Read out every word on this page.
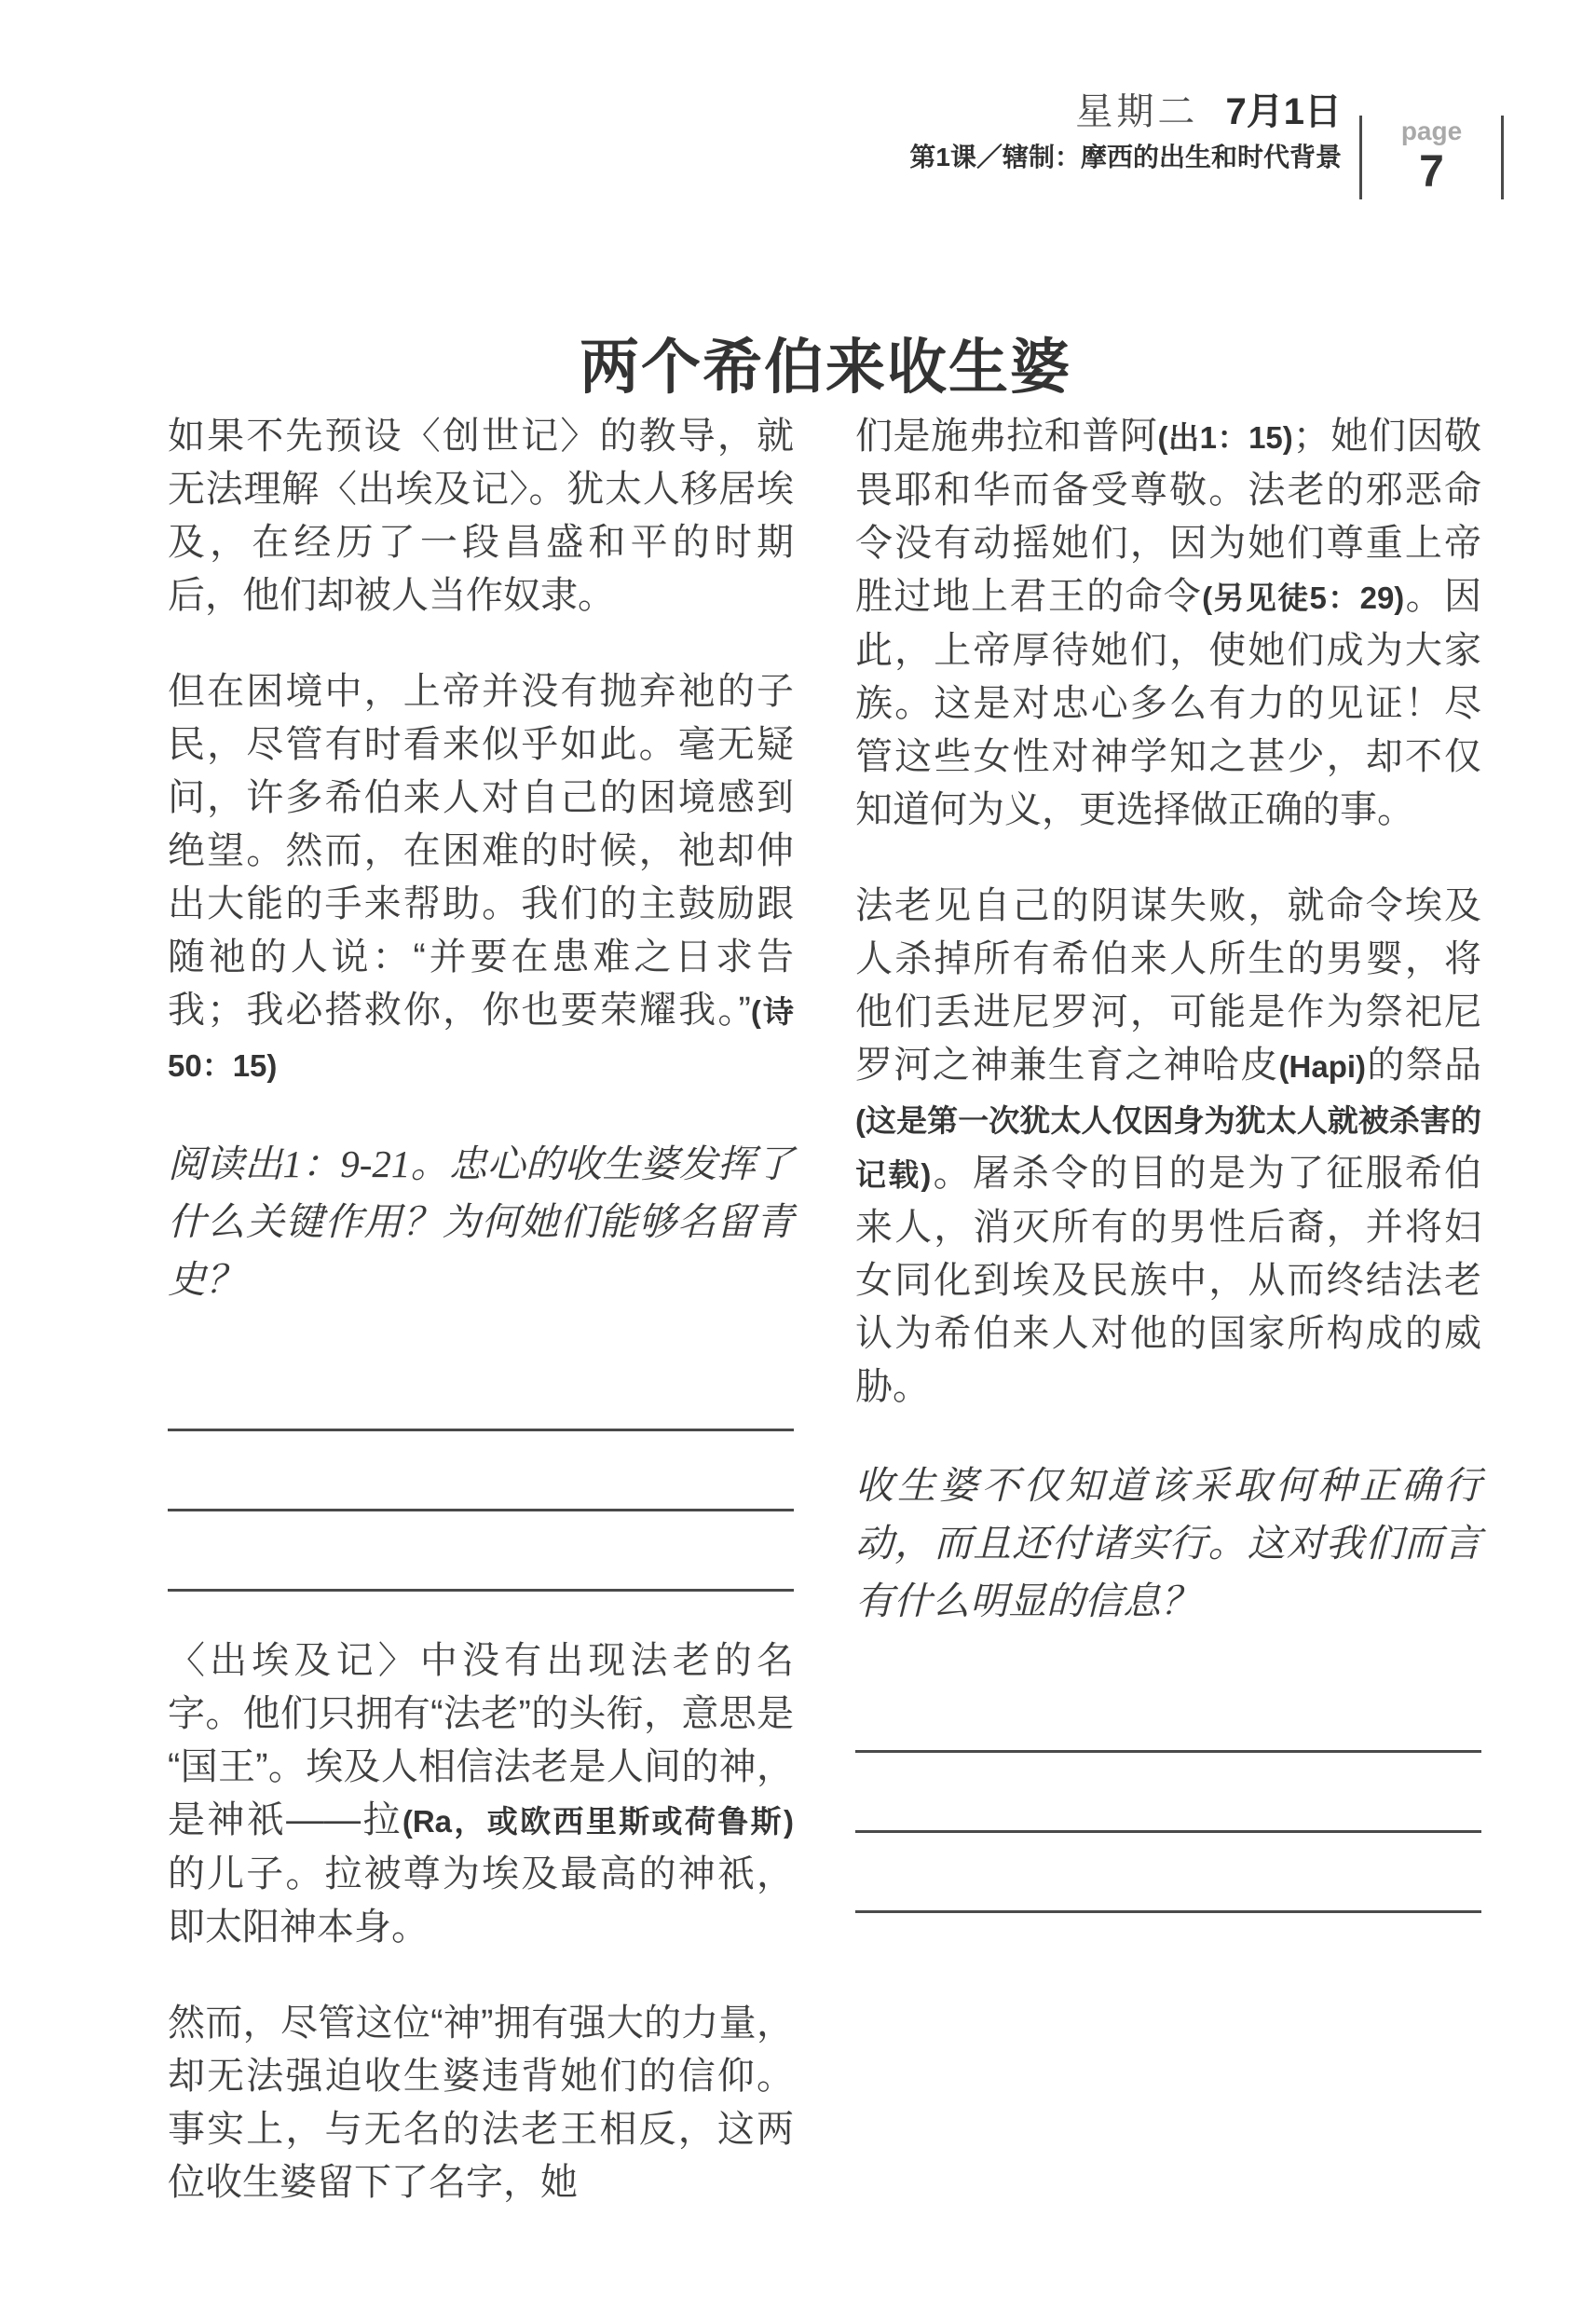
星期二 7月1日
第1课／辖制：摩西的出生和时代背景
page
7
两个希伯来收生婆

如果不先预设〈创世记〉的教导，就无法理解〈出埃及记〉。犹太人移居埃及，在经历了一段昌盛和平的时期后，他们却被人当作奴隶。

但在困境中，上帝并没有抛弃祂的子民，尽管有时看来似乎如此。毫无疑问，许多希伯来人对自己的困境感到绝望。然而，在困难的时候，祂却伸出大能的手来帮助。我们的主鼓励跟随祂的人说：“并要在患难之日求告我；我必搭救你，你也要荣耀我。”(诗50：15)

阅读出1：9-21。忠心的收生婆发挥了什么关键作用？为何她们能够名留青史？

〈出埃及记〉中没有出现法老的名字。他们只拥有“法老”的头衔，意思是“国王”。埃及人相信法老是人间的神，是神祇——拉(Ra，或欧西里斯或荷鲁斯)的儿子。拉被尊为埃及最高的神祇，即太阳神本身。

然而，尽管这位“神”拥有强大的力量，却无法强迫收生婆违背她们的信仰。事实上，与无名的法老王相反，这两位收生婆留下了名字，她

们是施弗拉和普阿(出1：15)；她们因敬畏耶和华而备受尊敬。法老的邪恶命令没有动摇她们，因为她们尊重上帝胜过地上君王的命令(另见徒5：29)。因此，上帝厚待她们，使她们成为大家族。这是对忠心多么有力的见证！尽管这些女性对神学知之甚少，却不仅知道何为义，更选择做正确的事。

法老见自己的阴谋失败，就命令埃及人杀掉所有希伯来人所生的男婴，将他们丢进尼罗河，可能是作为祭祀尼罗河之神兼生育之神哈皮(Hapi)的祭品(这是第一次犹太人仅因身为犹太人就被杀害的记载)。屠杀令的目的是为了征服希伯来人，消灭所有的男性后裔，并将妇女同化到埃及民族中，从而终结法老认为希伯来人对他的国家所构成的威胁。

收生婆不仅知道该采取何种正确行动，而且还付诸实行。这对我们而言有什么明显的信息？
